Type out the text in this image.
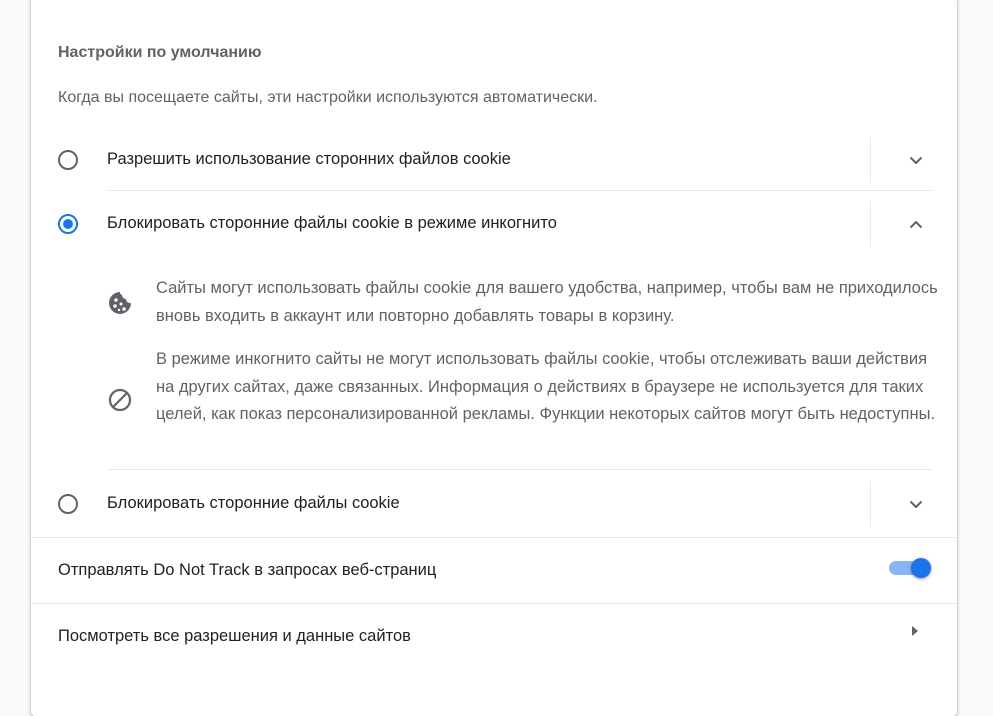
Настройки по умолчанию
Когда вы посещаете сайты, эти настройки используются автоматически.
Разрешить использование сторонних файлов cookie
Блокировать сторонние файлы cookie в режиме инкогнито
Сайты могут использовать файлы cookie для вашего удобства, например, чтобы вам не приходилось вновь входить в аккаунт или повторно добавлять товары в корзину.
В режиме инкогнито сайты не могут использовать файлы cookie, чтобы отслеживать ваши действия на других сайтах, даже связанных. Информация о действиях в браузере не используется для таких целей, как показ персонализированной рекламы. Функции некоторых сайтов могут быть недоступны.
Блокировать сторонние файлы cookie
Отправлять Do Not Track в запросах веб-страниц
Посмотреть все разрешения и данные сайтов
